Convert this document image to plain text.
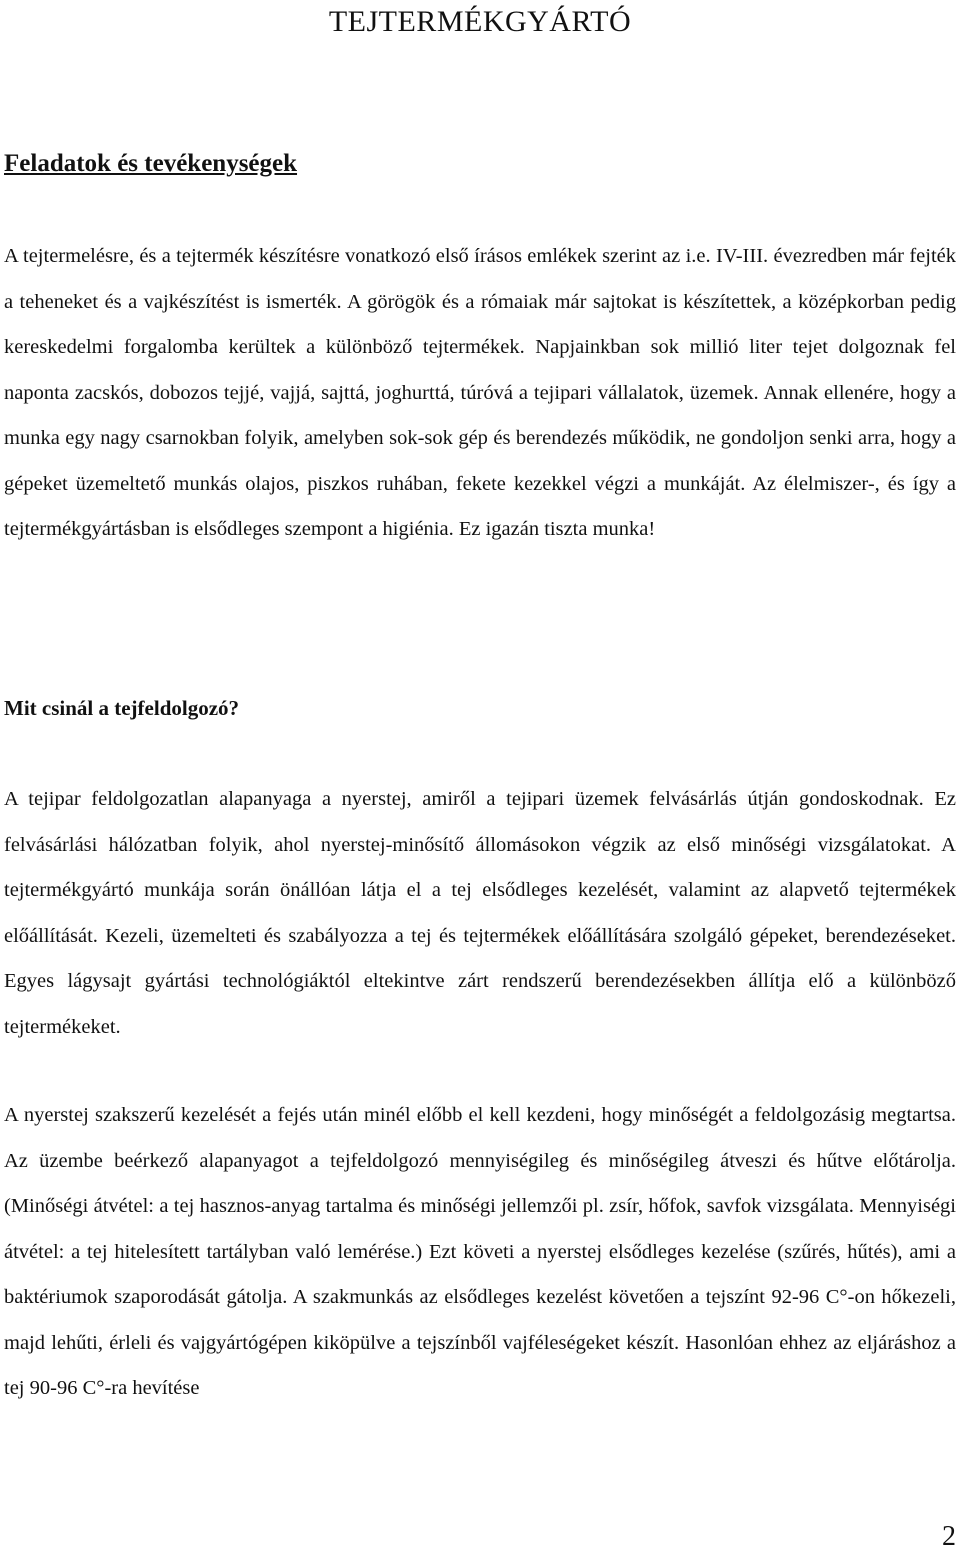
TEJTERMÉKGYÁRTÓ
Feladatok és tevékenységek

A tejtermelésre, és a tejtermék készítésre vonatkozó első írásos emlékek szerint az i.e. IV-III. évezredben már fejték a teheneket és a vajkészítést is ismerték. A görögök és a rómaiak már sajtokat is készítettek, a középkorban pedig kereskedelmi forgalomba kerültek a különböző tejtermékek. Napjainkban sok millió liter tejet dolgoznak fel naponta zacskós, dobozos tejjé, vajjá, sajttá, joghurttá, túróvá a tejipari vállalatok, üzemek. Annak ellenére, hogy a munka egy nagy csarnokban folyik, amelyben sok-sok gép és berendezés működik, ne gondoljon senki arra, hogy a gépeket üzemeltető munkás olajos, piszkos ruhában, fekete kezekkel végzi a munkáját. Az élelmiszer-, és így a tejtermékgyártásban is elsődleges szempont a higiénia. Ez igazán tiszta munka!

Mit csinál a tejfeldolgozó?

A tejipar feldolgozatlan alapanyaga a nyerstej, amiről a tejipari üzemek felvásárlás útján gondoskodnak. Ez felvásárlási hálózatban folyik, ahol nyerstej-minősítő állomásokon végzik az első minőségi vizsgálatokat. A tejtermékgyártó munkája során önállóan látja el a tej elsődleges kezelését, valamint az alapvető tejtermékek előállítását. Kezeli, üzemelteti és szabályozza a tej és tejtermékek előállítására szolgáló gépeket, berendezéseket. Egyes lágysajt gyártási technológiáktól eltekintve zárt rendszerű berendezésekben állítja elő a különböző tejtermékeket.

A nyerstej szakszerű kezelését a fejés után minél előbb el kell kezdeni, hogy minőségét a feldolgozásig megtartsa. Az üzembe beérkező alapanyagot a tejfeldolgozó mennyiségileg és minőségileg átveszi és hűtve előtárolja. (Minőségi átvétel: a tej hasznos-anyag tartalma és minőségi jellemzői pl. zsír, hőfok, savfok vizsgálata. Mennyiségi átvétel: a tej hitelesített tartályban való lemérése.) Ezt követi a nyerstej elsődleges kezelése (szűrés, hűtés), ami a baktériumok szaporodását gátolja. A szakmunkás az elsődleges kezelést követően a tejszínt 92-96 C°-on hőkezeli, majd lehűti, érleli és vajgyártógépen kiköpülve a tejszínből vajféleségeket készít. Hasonlóan ehhez az eljáráshoz a tej 90-96 C°-ra hevítése

2
